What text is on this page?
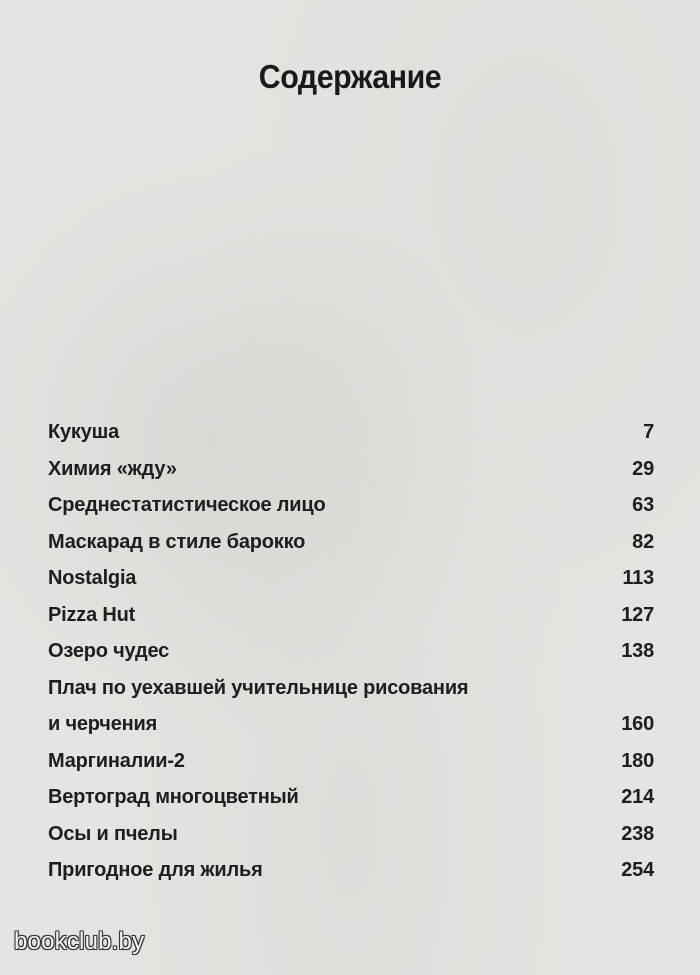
Содержание
Кукуша	7
Химия «жду»	29
Среднестатистическое лицо	63
Маскарад в стиле барокко	82
Nostalgia	113
Pizza Hut	127
Озеро чудес	138
Плач по уехавшей учительнице рисования
и черчения	160
Маргиналии-2	180
Вертоград многоцветный	214
Осы и пчелы	238
Пригодное для жилья	254
bookclub.by
